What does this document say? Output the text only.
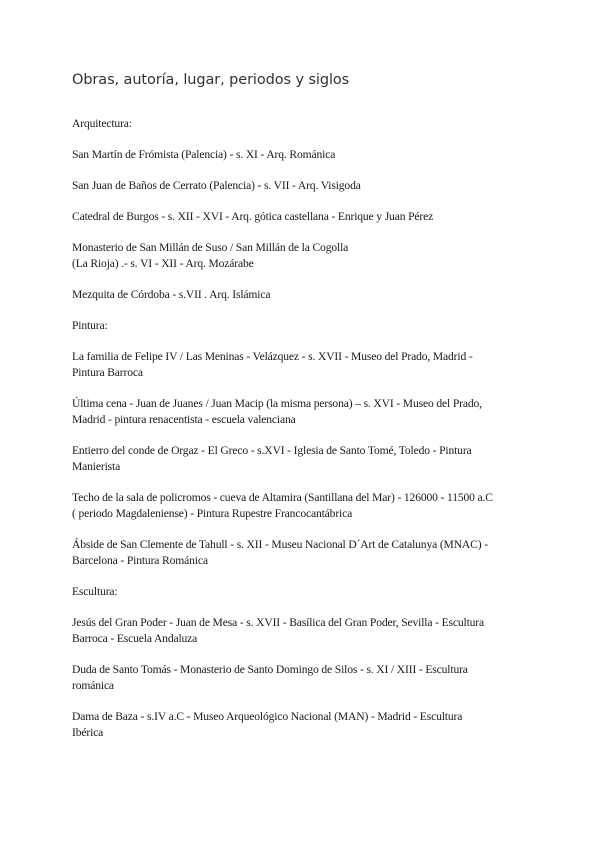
Obras, autoría, lugar, periodos y siglos

Arquitectura:

San Martín de Frómista (Palencia) - s. XI - Arq. Románica

San Juan de Baños de Cerrato (Palencia) - s. VII - Arq. Visigoda

Catedral de Burgos - s. XII - XVI - Arq. gótica castellana - Enrique y Juan Pérez

Monasterio de San Millán de Suso / San Millán de la Cogolla
(La Rioja) .- s. VI - XII - Arq. Mozárabe

Mezquita de Córdoba - s.VII . Arq. Islámica

Pintura:

La familia de Felipe IV / Las Meninas - Velázquez - s. XVII - Museo del Prado, Madrid -
Pintura Barroca

Última cena - Juan de Juanes / Juan Macip (la misma persona) – s. XVI - Museo del Prado,
Madrid - pintura renacentista - escuela valenciana

Entierro del conde de Orgaz - El Greco - s.XVI - Iglesia de Santo Tomé, Toledo - Pintura
Manierista

Techo de la sala de policromos - cueva de Altamira (Santillana del Mar) - 126000 - 11500 a.C
( periodo Magdaleniense) - Pintura Rupestre Francocantábrica

Ábside de San Clemente de Tahull - s. XII - Museu Nacional D´Art de Catalunya (MNAC) -
Barcelona - Pintura Románica

Escultura:

Jesús del Gran Poder - Juan de Mesa - s. XVII - Basílica del Gran Poder, Sevilla - Escultura
Barroca - Escuela Andaluza

Duda de Santo Tomás - Monasterio de Santo Domingo de Silos - s. XI / XIII - Escultura
románica

Dama de Baza - s.IV a.C - Museo Arqueológico Nacional (MAN) - Madrid - Escultura
Ibérica
